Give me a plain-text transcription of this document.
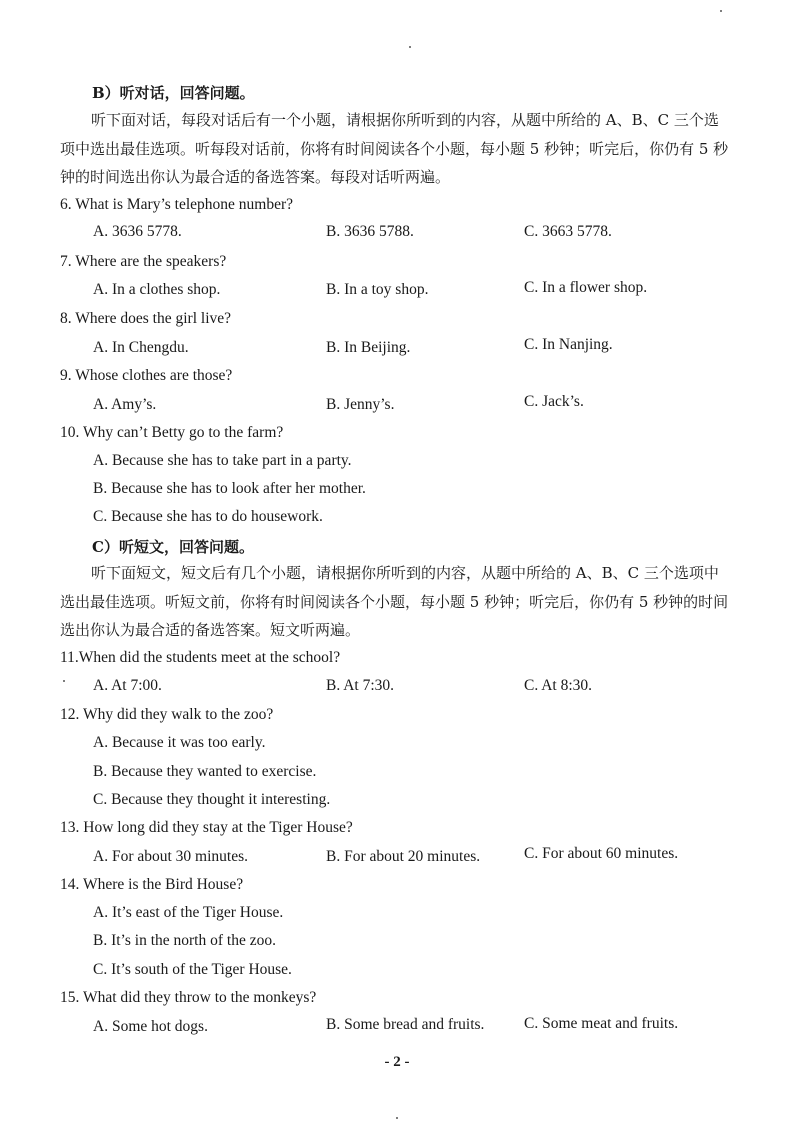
B）听对话，回答问题。
听下面对话，每段对话后有一个小题，请根据你所听到的内容，从题中所给的 A、B、C 三个选项中选出最佳选项。听每段对话前，你将有时间阅读各个小题，每小题 5 秒钟；听完后，你仍有 5 秒钟的时间选出你认为最合适的备选答案。每段对话听两遍。
6. What is Mary’s telephone number?
A. 3636 5778.	B. 3636 5788.	C. 3663 5778.
7. Where are the speakers?
A. In a clothes shop.	B. In a toy shop.	C. In a flower shop.
8. Where does the girl live?
A. In Chengdu.	B. In Beijing.	C. In Nanjing.
9. Whose clothes are those?
A. Amy’s.	B. Jenny’s.	C. Jack’s.
10. Why can’t Betty go to the farm?
A. Because she has to take part in a party.
B. Because she has to look after her mother.
C. Because she has to do housework.
C）听短文，回答问题。
听下面短文，短文后有几个小题，请根据你所听到的内容，从题中所给的 A、B、C 三个选项中选出最佳选项。听短文前，你将有时间阅读各个小题，每小题 5 秒钟；听完后，你仍有 5 秒钟的时间选出你认为最合适的备选答案。短文听两遍。
11.When did the students meet at the school?
A. At 7:00.	B. At 7:30.	C. At 8:30.
12. Why did they walk to the zoo?
A. Because it was too early.
B. Because they wanted to exercise.
C. Because they thought it interesting.
13. How long did they stay at the Tiger House?
A. For about 30 minutes.	B. For about 20 minutes.	C. For about 60 minutes.
14. Where is the Bird House?
A. It’s east of the Tiger House.
B. It’s in the north of the zoo.
C. It’s south of the Tiger House.
15. What did they throw to the monkeys?
A. Some hot dogs.	B. Some bread and fruits.	C. Some meat and fruits.
- 2 -
